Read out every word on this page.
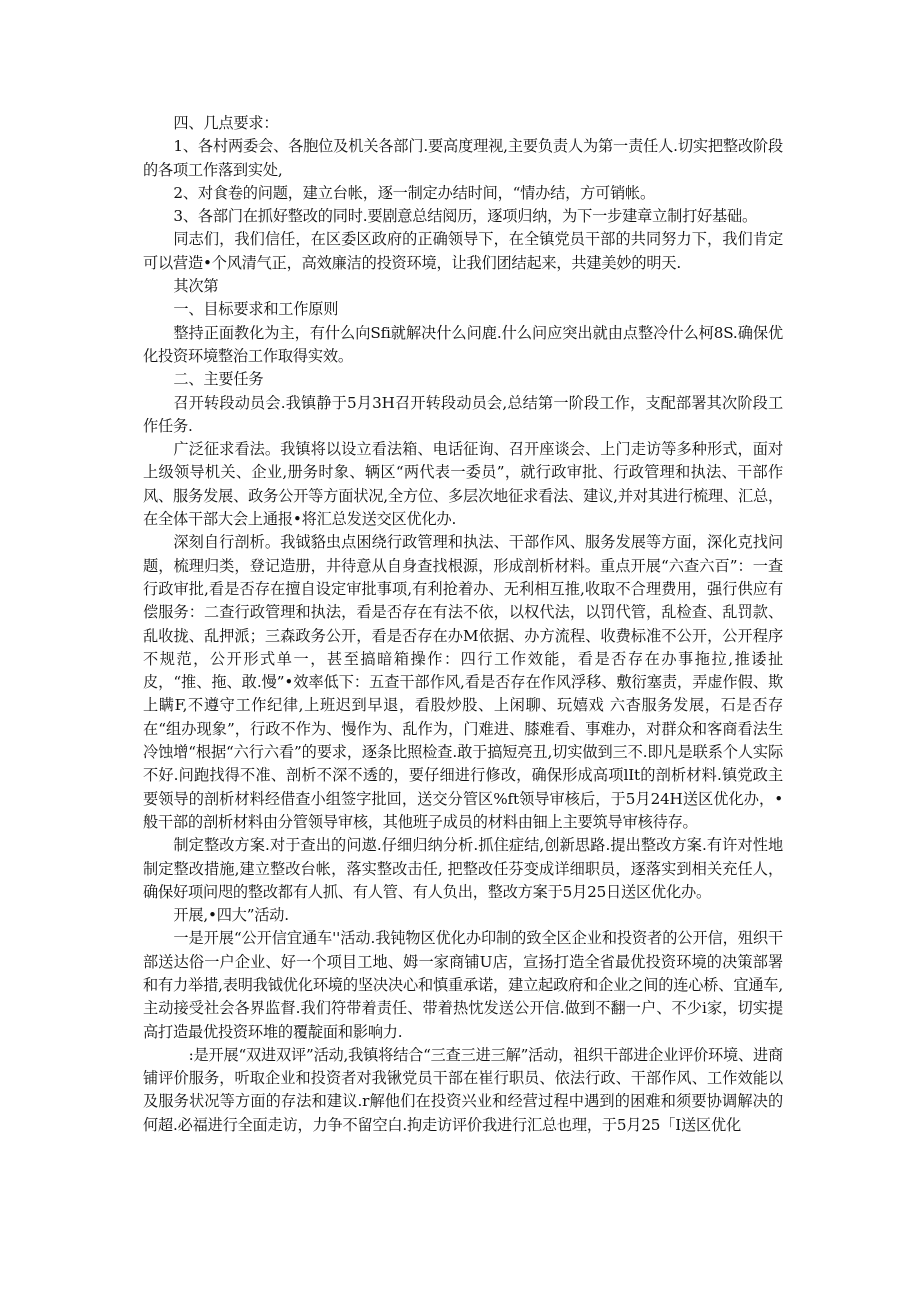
四、几点要求：

1、各村两委会、各胞位及机关各部门.要高度理视,主要负责人为第一责任人.切实把整改阶段的各项工作落到实处,

2、对食卷的问题，建立台帐，逐一制定办结时间，“情办结，方可销帐。

3、各部门在抓好整改的同时.要剧意总结阅历，逐项归纳，为下一步建章立制打好基础。

同志们，我们信任，在区委区政府的正确领导下，在全镇党员干部的共同努力下，我们肯定可以营造•个风清气正，高效廉洁的投资环境，让我们团结起来，共建美妙的明天.

其次第

一、目标要求和工作原则

整持正面教化为主，有什么向Sfi就解决什么问鹿.什么问应突出就由点整冷什么柯8S.确保优化投资环境整治工作取得实效。

二、主要任务

召开转段动员会.我镇静于5月3H召开转段动员会,总结第一阶段工作，支配部署其次阶段工作任务.

广泛征求看法。我镇将以设立看法箱、电话征询、召开座谈会、上门走访等多种形式，面对上级领导机关、企业,册务时象、辆区“两代表一委员”，就行政审批、行政管理和执法、干部作风、服务发展、政务公开等方面状况,全方位、多层次地征求看法、建议,并对其进行梳理、汇总，在全体干部大会上通报•将汇总发送交区优化办.

深刻自行剖析。我钺貉虫点困绕行政管理和执法、干部作风、服务发展等方面，深化克找问题，梳理归类，登记造册，井待意从自身查找根源，形成剖析材料。重点开展“六查六百”：一查行政审批,看是否存在擅自设定审批事项,有利抢着办、无利相互推,收取不合理费用，强行供应有偿服务：二查行政管理和执法，看是否存在有法不依，以权代法，以罚代管，乱检查、乱罚款、乱收拢、乱押派；三森政务公开，看是否存在办M依据、办方流程、收费标准不公开，公开程序不规范，公开形式单一，甚至搞暗箱操作：四行工作效能，看是否存在办事拖拉,推诿扯皮，“推、拖、敢.慢”•效率低下：五查干部作风,看是否存在作风浮移、敷衍塞责，弄虚作假、欺上瞒F,不遵守工作纪律,上班迟到早退，看股炒股、上闲聊、玩嬉戏 六杳服务发展，石是否存在“组办现象”，行政不作为、慢作为、乱作为，门难进、膝难看、事难办，对群众和客商看法生冷蚀增“根据“六行六看”的要求，逐条比照检查.敢于搞短亮丑,切实做到三不.即凡是联系个人实际不好.问跑找得不准、剖析不深不透的，要仔细进行修改，确保形成高项lIt的剖析材料.镇党政主要领导的剖析材料经借查小组签字批回，送交分管区%ft领导审核后，于5月24H送区优化办，•般干部的剖析材料由分管领导审核，其他班子成员的材料由钿上主要筑导审核待存。

制定整改方案.对于查出的问遨.仔细归纳分析.抓住症结,创新思路.提出整改方案.有许对性地制定整改措施,建立整改台帐，落实整改击任, 把整改任芬变成详细职员，逐落实到相关充任人，确保好项问咫的整改都有人抓、有人管、有人负出，整改方案于5月25日送区优化办。

开展,•四大”活动.

一是开展“公开信宜通车''活动.我钝物区优化办印制的致全区企业和投资者的公开信，殂织干部送达俗一户企业、好一个项目工地、姆一家商铺U店，宣扬打造全省最优投资环境的决策部署和有力举措,表明我钺优化环境的坚决决心和慎重承诺，建立起政府和企业之间的连心桥、宜通车,主动接受社会各界监督.我们符带着责任、带着热忱发送公开信.做到不翻一户、不少i家，切实提高打造最优投资环堆的覆靛面和影响力.

:是开展“双进双评”活动,我镇将结合“三查三进三解”活动，祖织干部进企业评价环境、进商铺评价服务，听取企业和投资者对我锹党员干部在崔行职员、依法行政、干部作风、工作效能以及服务状况等方面的存法和建议.r解他们在投资兴业和经营过程中遇到的困难和须要协调解决的何超.必福进行全面走访，力争不留空白.拘走访评价我进行汇总也理，于5月25「I送区优化
